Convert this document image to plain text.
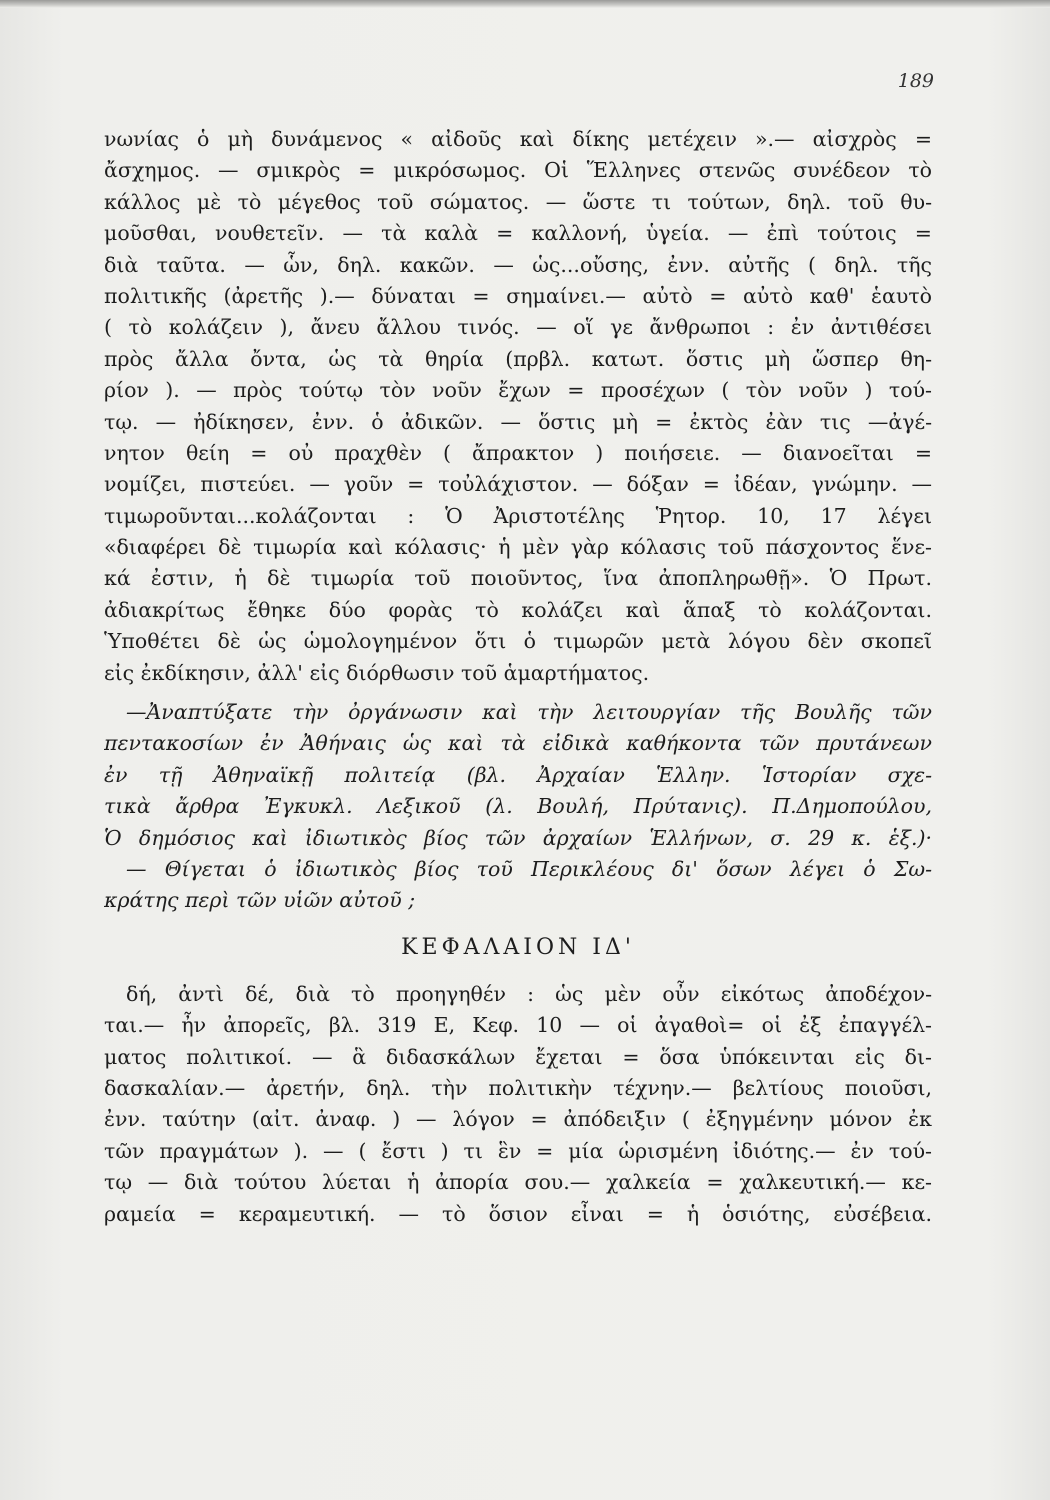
189
νωνίας ὁ μὴ δυνάμενος « αἰδοῦς καὶ δίκης μετέχειν ».— αἰσχρὸς =
ἄσχημος. — σμικρὸς = μικρόσωμος. Οἱ Ἕλληνες στενῶς συνέδεον τὸ
κάλλος μὲ τὸ μέγεθος τοῦ σώματος. — ὥστε τι τούτων, δηλ. τοῦ θυ-
μοῦσθαι, νουθετεῖν. — τὰ καλὰ = καλλονή, ὑγεία. — ἐπὶ τούτοις =
διὰ ταῦτα. — ὧν, δηλ. κακῶν. — ὡς...οὔσης, ἐνν. αὐτῆς ( δηλ. τῆς
πολιτικῆς (ἀρετῆς ).— δύναται = σημαίνει.— αὐτὸ = αὐτὸ καθ' ἑαυτὸ
( τὸ κολάζειν ), ἄνευ ἄλλου τινός. — οἵ γε ἄνθρωποι : ἐν ἀντιθέσει
πρὸς ἄλλα ὄντα, ὡς τὰ θηρία (πρβλ. κατωτ. ὅστις μὴ ὥσπερ θη-
ρίον ). — πρὸς τούτῳ τὸν νοῦν ἔχων = προσέχων ( τὸν νοῦν ) τού-
τῳ. — ἠδίκησεν, ἐνν. ὁ ἀδικῶν. — ὅστις μὴ = ἐκτὸς ἐὰν τις —ἀγέ-
νητον θείη = οὐ πραχθὲν ( ἄπρακτον ) ποιήσειε. — διανοεῖται =
νομίζει, πιστεύει. — γοῦν = τοὐλάχιστον. — δόξαν = ἰδέαν, γνώμην. —
τιμωροῦνται...κολάζονται : Ὁ Ἀριστοτέλης Ῥητορ. 10, 17 λέγει
«διαφέρει δὲ τιμωρία καὶ κόλασις· ἡ μὲν γὰρ κόλασις τοῦ πάσχοντος ἕνε-
κά ἐστιν, ἡ δὲ τιμωρία τοῦ ποιοῦντος, ἵνα ἀποπληρωθῇ». Ὁ Πρωτ.
ἀδιακρίτως ἔθηκε δύο φορὰς τὸ κολάζει καὶ ἅπαξ τὸ κολάζονται.
Ὑποθέτει δὲ ὡς ὡμολογημένον ὅτι ὁ τιμωρῶν μετὰ λόγου δὲν σκοπεῖ
εἰς ἐκδίκησιν, ἀλλ' εἰς διόρθωσιν τοῦ ἁμαρτήματος.
—Ἀναπτύξατε τὴν ὀργάνωσιν καὶ τὴν λειτουργίαν τῆς Βουλῆς τῶν
πεντακοσίων ἐν Ἀθήναις ὡς καὶ τὰ εἰδικὰ καθήκοντα τῶν πρυτάνεων
ἐν τῇ Ἀθηναϊκῇ πολιτείᾳ (βλ. Ἀρχαίαν Ἑλλην. Ἱστορίαν σχε-
τικὰ ἄρθρα Ἐγκυκλ. Λεξικοῦ (λ. Βουλή, Πρύτανις). Π.Δημοπούλου,
Ὁ δημόσιος καὶ ἰδιωτικὸς βίος τῶν ἀρχαίων Ἑλλήνων, σ. 29 κ. ἑξ.)·
— Θίγεται ὁ ἰδιωτικὸς βίος τοῦ Περικλέους δι' ὅσων λέγει ὁ Σω-
κράτης περὶ τῶν υἱῶν αὐτοῦ ;
ΚΕΦΑΛΑΙΟΝ ΙΔ'
δή, ἀντὶ δέ, διὰ τὸ προηγηθέν : ὡς μὲν οὖν εἰκότως ἀποδέχον-
ται.— ἦν ἀπορεῖς, βλ. 319 Ε, Κεφ. 10 — οἱ ἀγαθοὶ= οἱ ἐξ ἐπαγγέλ-
ματος πολιτικοί. — ἃ διδασκάλων ἔχεται = ὅσα ὑπόκεινται εἰς δι-
δασκαλίαν.— ἀρετήν, δηλ. τὴν πολιτικὴν τέχνην.— βελτίους ποιοῦσι,
ἐνν. ταύτην (αἰτ. ἀναφ. ) — λόγον = ἀπόδειξιν ( ἐξηγμένην μόνον ἐκ
τῶν πραγμάτων ). — ( ἔστι ) τι ἓν = μία ὡρισμένη ἰδιότης.— ἐν τού-
τῳ — διὰ τούτου λύεται ἡ ἀπορία σου.— χαλκεία = χαλκευτική.— κε-
ραμεία = κεραμευτική. — τὸ ὅσιον εἶναι = ἡ ὁσιότης, εὐσέβεια.
